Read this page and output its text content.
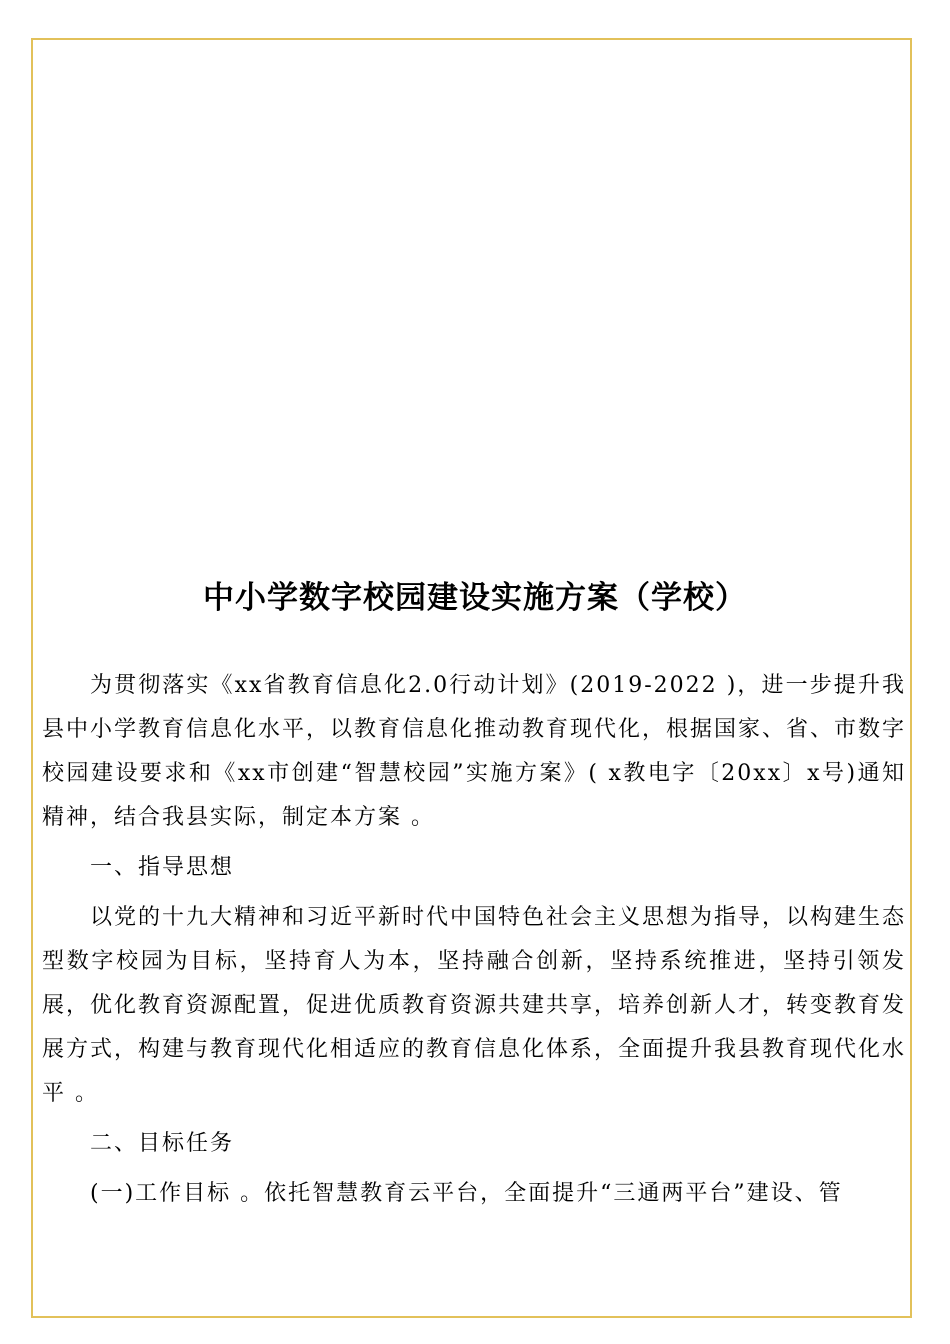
中小学数字校园建设实施方案（学校）

为贯彻落实《xx省教育信息化2.0行动计划》(2019-2022 )，进一步提升我县中小学教育信息化水平，以教育信息化推动教育现代化，根据国家、省、市数字校园建设要求和《xx市创建“智慧校园”实施方案》( x教电字〔20xx〕x号)通知精神，结合我县实际，制定本方案 。

一、指导思想

以党的十九大精神和习近平新时代中国特色社会主义思想为指导，以构建生态型数字校园为目标，坚持育人为本，坚持融合创新，坚持系统推进，坚持引领发展，优化教育资源配置，促进优质教育资源共建共享，培养创新人才，转变教育发展方式，构建与教育现代化相适应的教育信息化体系，全面提升我县教育现代化水平 。

二、目标任务

(一)工作目标 。依托智慧教育云平台，全面提升“三通两平台”建设、管
